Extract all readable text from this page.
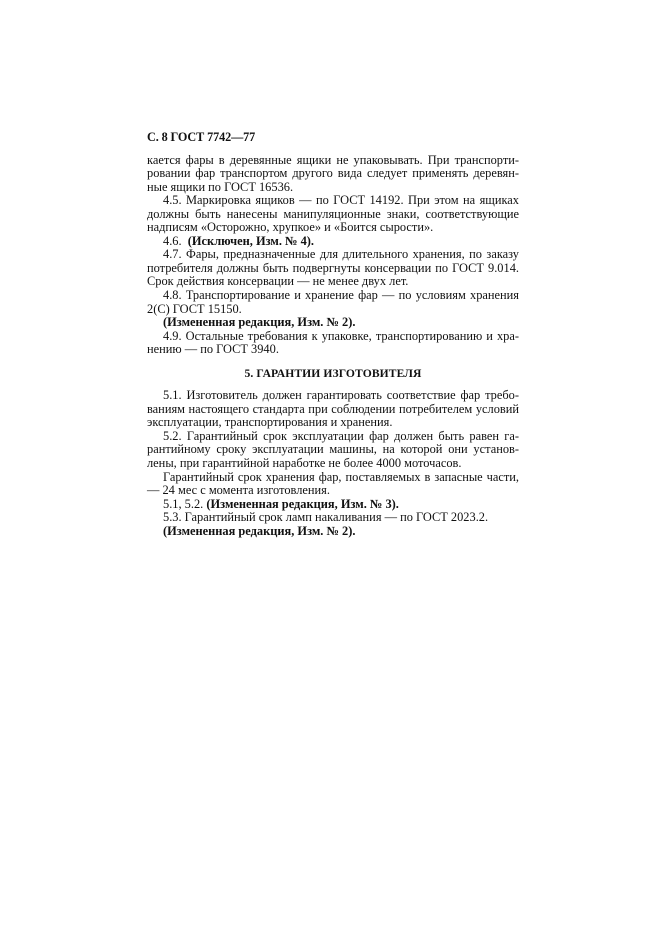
С. 8 ГОСТ 7742—77
кается фары в деревянные ящики не упаковывать. При транспорти-
ровании фар транспортом другого вида следует применять деревян-
ные ящики по ГОСТ 16536.
4.5. Маркировка ящиков — по ГОСТ 14192. При этом на ящиках
должны быть нанесены манипуляционные знаки, соответствующие
надписям «Осторожно, хрупкое» и «Боится сырости».
4.6. (Исключен, Изм. № 4).
4.7. Фары, предназначенные для длительного хранения, по заказу
потребителя должны быть подвергнуты консервации по ГОСТ 9.014.
Срок действия консервации — не менее двух лет.
4.8. Транспортирование и хранение фар — по условиям хранения
2(С) ГОСТ 15150.
(Измененная редакция, Изм. № 2).
4.9. Остальные требования к упаковке, транспортированию и хра-
нению — по ГОСТ 3940.
5. ГАРАНТИИ ИЗГОТОВИТЕЛЯ
5.1. Изготовитель должен гарантировать соответствие фар требо-
ваниям настоящего стандарта при соблюдении потребителем условий
эксплуатации, транспортирования и хранения.
5.2. Гарантийный срок эксплуатации фар должен быть равен га-
рантийному сроку эксплуатации машины, на которой они установ-
лены, при гарантийной наработке не более 4000 моточасов.
Гарантийный срок хранения фар, поставляемых в запасные части,
— 24 мес с момента изготовления.
5.1, 5.2. (Измененная редакция, Изм. № 3).
5.3. Гарантийный срок ламп накаливания — по ГОСТ 2023.2.
(Измененная редакция, Изм. № 2).
